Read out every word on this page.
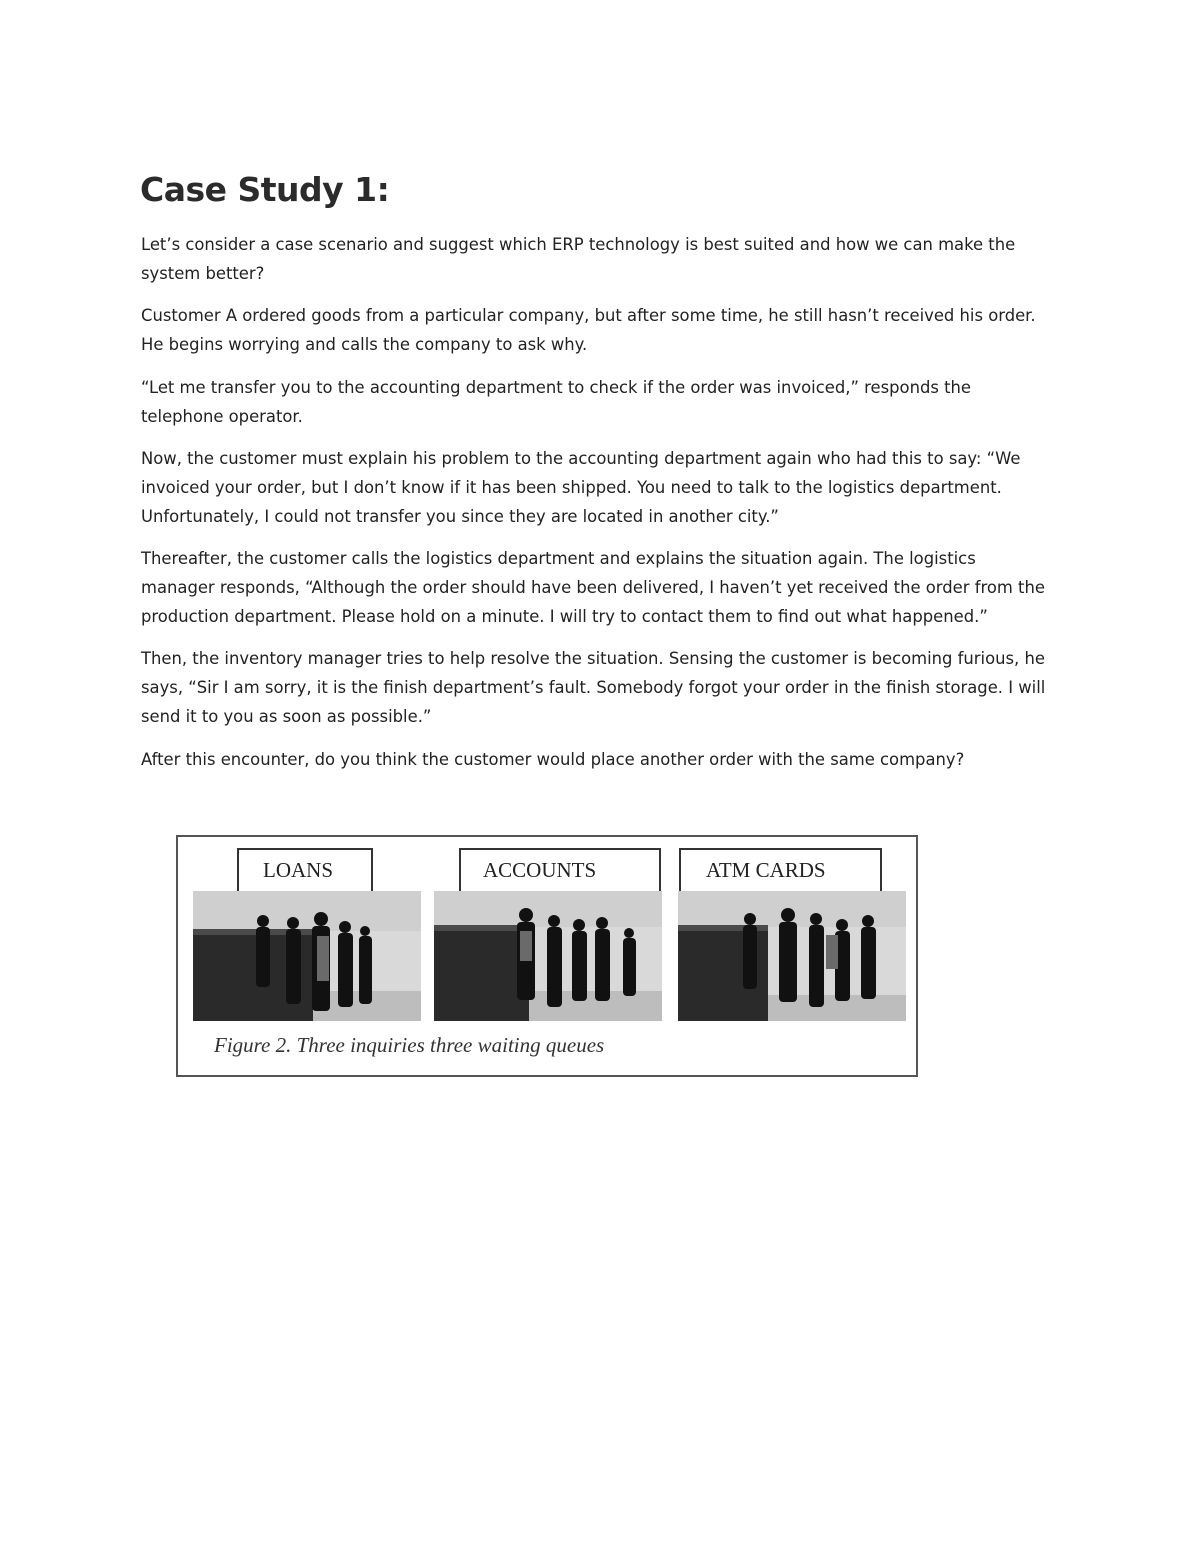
Case Study 1:

Let’s consider a case scenario and suggest which ERP technology is best suited and how we can make the system better?

Customer A ordered goods from a particular company, but after some time, he still hasn’t received his order. He begins worrying and calls the company to ask why.

“Let me transfer you to the accounting department to check if the order was invoiced,” responds the telephone operator.

Now, the customer must explain his problem to the accounting department again who had this to say: “We invoiced your order, but I don’t know if it has been shipped. You need to talk to the logistics department. Unfortunately, I could not transfer you since they are located in another city.”

Thereafter, the customer calls the logistics department and explains the situation again. The logistics manager responds, “Although the order should have been delivered, I haven’t yet received the order from the production department. Please hold on a minute. I will try to contact them to find out what happened.”

Then, the inventory manager tries to help resolve the situation. Sensing the customer is becoming furious, he says, “Sir I am sorry, it is the finish department’s fault. Somebody forgot your order in the finish storage. I will send it to you as soon as possible.”

After this encounter, do you think the customer would place another order with the same company?

LOANS	ACCOUNTS	ATM CARDS
Figure 2. Three inquiries three waiting queues
